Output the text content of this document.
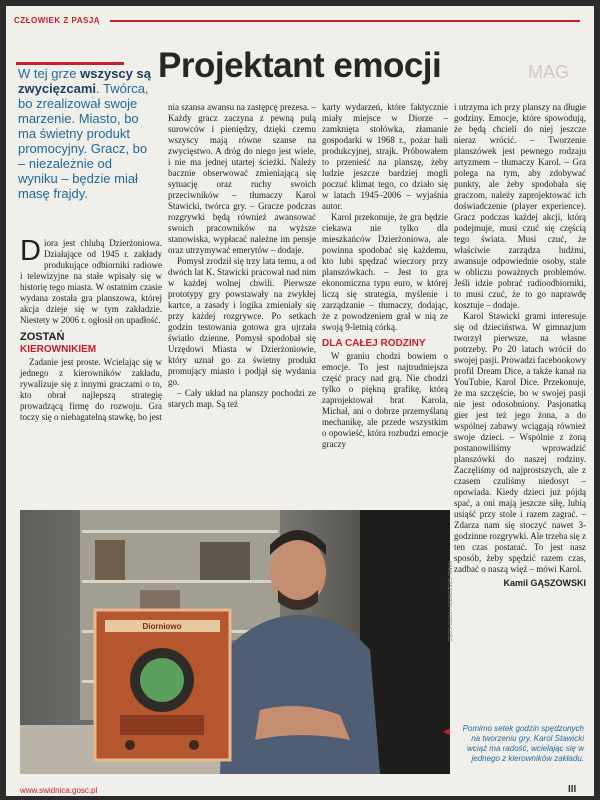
CZŁOWIEK Z PASJĄ
Projektant emocji	MAG
W tej grze wszyscy są zwycięzcami. Twórca, bo zrealizował swoje marzenie. Miasto, bo ma świetny produkt promocyjny. Gracz, bo – niezależnie od wyniku – będzie miał masę frajdy.

Diora jest chlubą Dzierżoniowa. Działające od 1945 r. zakłady produkujące odbiorniki radiowe i telewizyjne na stałe wpisały się w historię tego miasta. W ostatnim czasie wydana została gra planszowa, której akcja dzieje się w tym zakładzie. Niestety w 2006 r. ogłosił on upadłość.

ZOSTAŃ
KIEROWNIKIEM

Zadanie jest proste. Wcielając się w jednego z kierowników zakładu, rywalizuje się z innymi graczami o to, kto obrał najlepszą strategię prowadzącą firmę do rozwoju. Gra toczy się o niebagatelną stawkę, bo jest

nia szansa awansu na zastępcę prezesa. – Każdy gracz zaczyna z pewną pulą surowców i pieniędzy, dzięki czemu wszyscy mają równe szanse na zwycięstwo. A dróg do niego jest wiele, i nie ma jednej utartej ścieżki. Należy bacznie obserwować zmieniającą się sytuację oraz ruchy swoich przeciwników – tłumaczy Karol Stawicki, twórca gry. – Gracze podczas rozgrywki będą również awansować swoich pracowników na wyższe stanowiska, wypłacać należne im pensje oraz utrzymywać emerytów – dodaje.

Pomysł zrodził się trzy lata temu, a od dwóch lat K. Stawicki pracował nad nim w każdej wolnej chwili. Pierwsze prototypy gry powstawały na zwykłej kartce, a zasady i logika zmieniały się przy każdej rozgrywce. Po setkach godzin testowania gotowa gra ujrzała światło dzienne. Pomysł spodobał się Urzędowi Miasta w Dzierżoniowie, który uznał go za świetny produkt promujący miasto i podjął się wydania go.

– Cały układ na planszy pochodzi ze starych map. Są też

karty wydarzeń, które faktycznie miały miejsce w Diorze – zamknięta stołówka, złamanie gospodarki w 1968 r., pożar hali produkcyjnej, strajk. Próbowałem to przenieść na planszę, żeby ludzie jeszcze bardziej mogli poczuć klimat tego, co działo się w latach 1945–2006 – wyjaśnia autor.

Karol przekonuje, że gra będzie ciekawa nie tylko dla mieszkańców Dzierżoniowa, ale powinna spodobać się każdemu, kto lubi spędzać wieczory przy planszówkach. – Jest to gra ekonomiczna typu euro, w której liczą się strategia, myślenie i zarządzanie – tłumaczy, dodając, że z powodzeniem grał w nią ze swoją 9-letnią córką.

DLA CAŁEJ RODZINY

W graniu chodzi bowiem o emocje. To jest najtrudniejsza część pracy nad grą. Nie chodzi tylko o piękną grafikę, którą zaprojektował brat Karola, Michał, ani o dobrze przemyślaną mechanikę, ale przede wszystkim o opowieść, która rozbudzi emocje graczy

i utrzyma ich przy planszy na długie godziny. Emocje, które spowodują, że będą chcieli do niej jeszcze nieraz wrócić. – Tworzenie planszówek jest pewnego rodzaju artyzmem – tłumaczy Karol. – Gra polega na tym, aby zdobywać punkty, ale żeby spodobała się graczom, należy zaprojektować ich doświadczenie (player experience). Gracz podczas każdej akcji, którą podejmuje, musi czuć się częścią tego świata. Musi czuć, że właściwie zarządza ludźmi, awansuje odpowiednie osoby, stale w obliczu poważnych problemów. Jeśli idzie pobrać radioodbiorniki, to musi czuć, że to go naprawdę kosztuje – dodaje.

Karol Stawicki grami interesuje się od dzieciństwa. W gimnazjum tworzył pierwsze, na własne potrzeby. Po 20 latach wrócił do swojej pasji. Prowadzi facebookowy profil Dream Dice, a także kanał na YouTubie, Karol Dice. Przekonuje, że ma szczęście, bo w swojej pasji nie jest odosobniony. Pasjonatką gier jest też jego żona, a do wspólnej zabawy wciągają również swoje dzieci. – Wspólnie z żoną postanowiliśmy wprowadzić planszówki do naszej rodziny. Zaczęliśmy od najprostszych, ale z czasem czuliśmy niedosyt – opowiada. Kiedy dzieci już pójdą spać, a oni mają jeszcze siłę, lubią usiąść przy stole i razem zagrać. – Zdarza nam się stoczyć nawet 3-godzinne rozgrywki. Ale trzeba się z ten czas postarać. To jest nasz sposób, żeby spędzić razem czas, zadbać o naszą więź – mówi Karol.

Kamil GĄSZOWSKI

Diorniowo	KAMIL GĄSZOWSKI / FOTO GOŚĆ
◀	Pomimo setek godzin spędzonych na tworzeniu gry, Karol Stawicki wciąż ma radość, wcielając się w jednego z kierowników zakładu.
www.swidnica.gosc.pl	III
